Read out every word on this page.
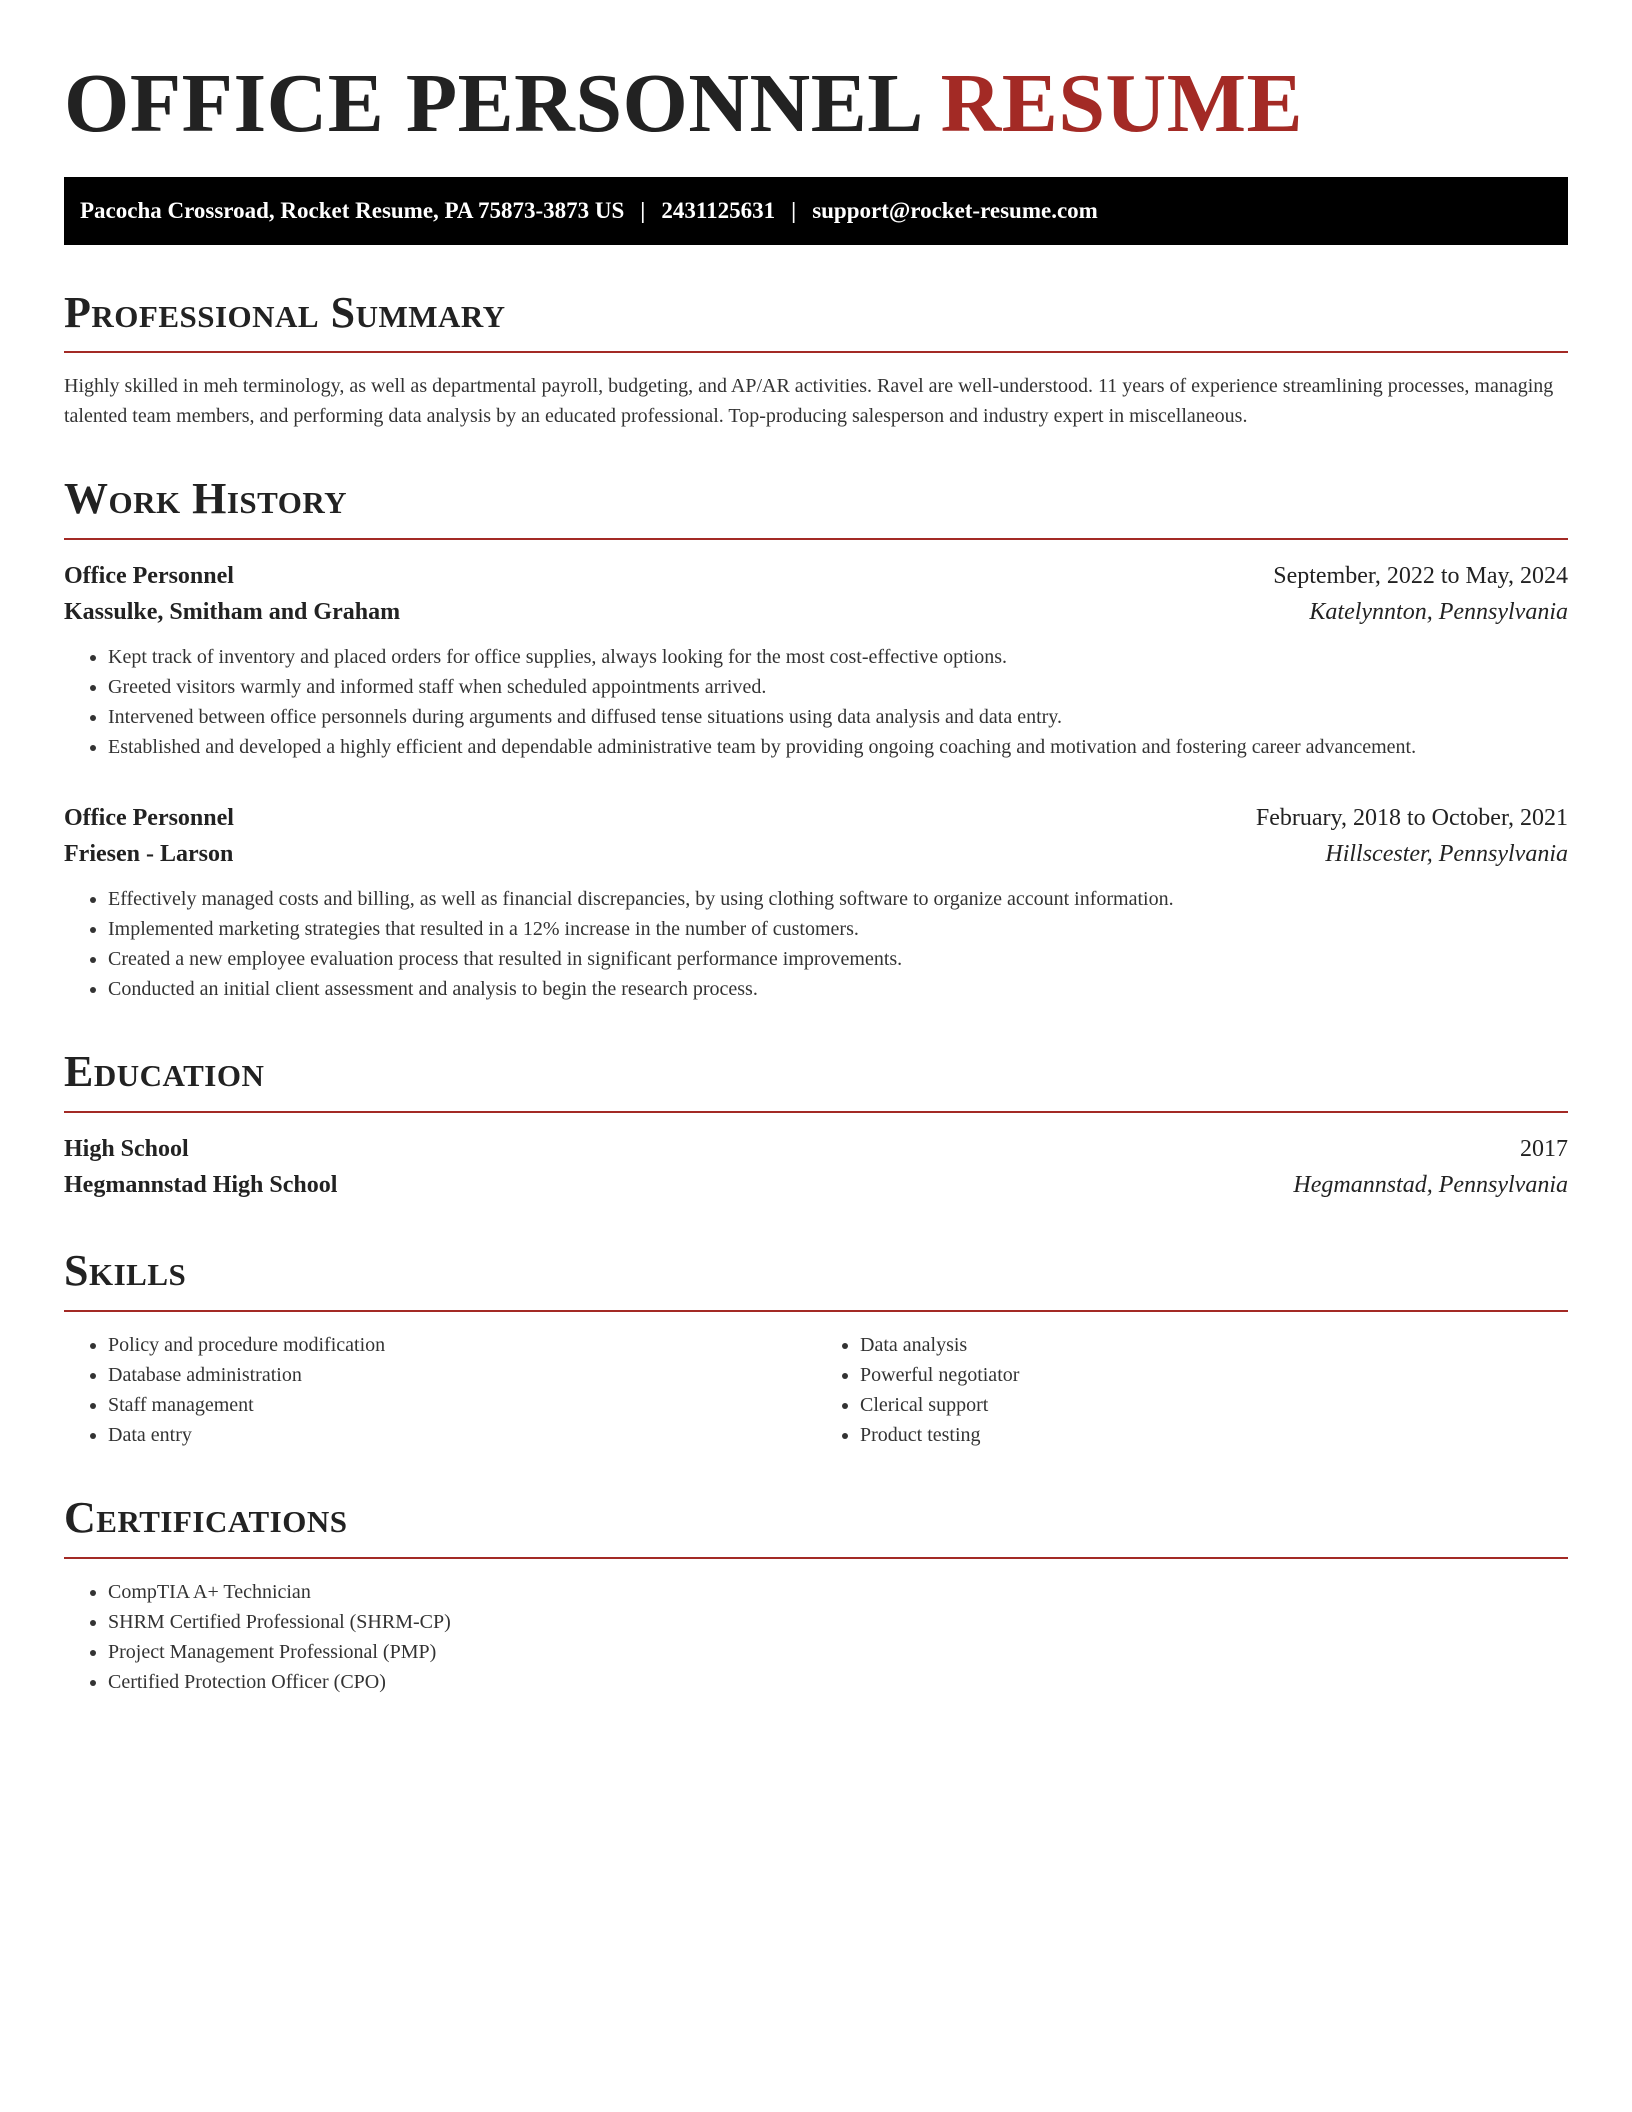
OFFICE PERSONNEL RESUME
Pacocha Crossroad, Rocket Resume, PA 75873-3873 US | 2431125631 | support@rocket-resume.com
Professional Summary

Highly skilled in meh terminology, as well as departmental payroll, budgeting, and AP/AR activities. Ravel are well-understood. 11 years of experience streamlining processes, managing talented team members, and performing data analysis by an educated professional. Top-producing salesperson and industry expert in miscellaneous.

Work History
Office Personnel	September, 2022 to May, 2024
Kassulke, Smitham and Graham	Katelynnton, Pennsylvania
• Kept track of inventory and placed orders for office supplies, always looking for the most cost-effective options.
• Greeted visitors warmly and informed staff when scheduled appointments arrived.
• Intervened between office personnels during arguments and diffused tense situations using data analysis and data entry.
• Established and developed a highly efficient and dependable administrative team by providing ongoing coaching and motivation and fostering career advancement.
Office Personnel	February, 2018 to October, 2021
Friesen - Larson	Hillscester, Pennsylvania
• Effectively managed costs and billing, as well as financial discrepancies, by using clothing software to organize account information.
• Implemented marketing strategies that resulted in a 12% increase in the number of customers.
• Created a new employee evaluation process that resulted in significant performance improvements.
• Conducted an initial client assessment and analysis to begin the research process.
Education
High School	2017
Hegmannstad High School	Hegmannstad, Pennsylvania
Skills
• Policy and procedure modification
• Database administration
• Staff management
• Data entry
• Data analysis
• Powerful negotiator
• Clerical support
• Product testing
Certifications
• CompTIA A+ Technician
• SHRM Certified Professional (SHRM-CP)
• Project Management Professional (PMP)
• Certified Protection Officer (CPO)
